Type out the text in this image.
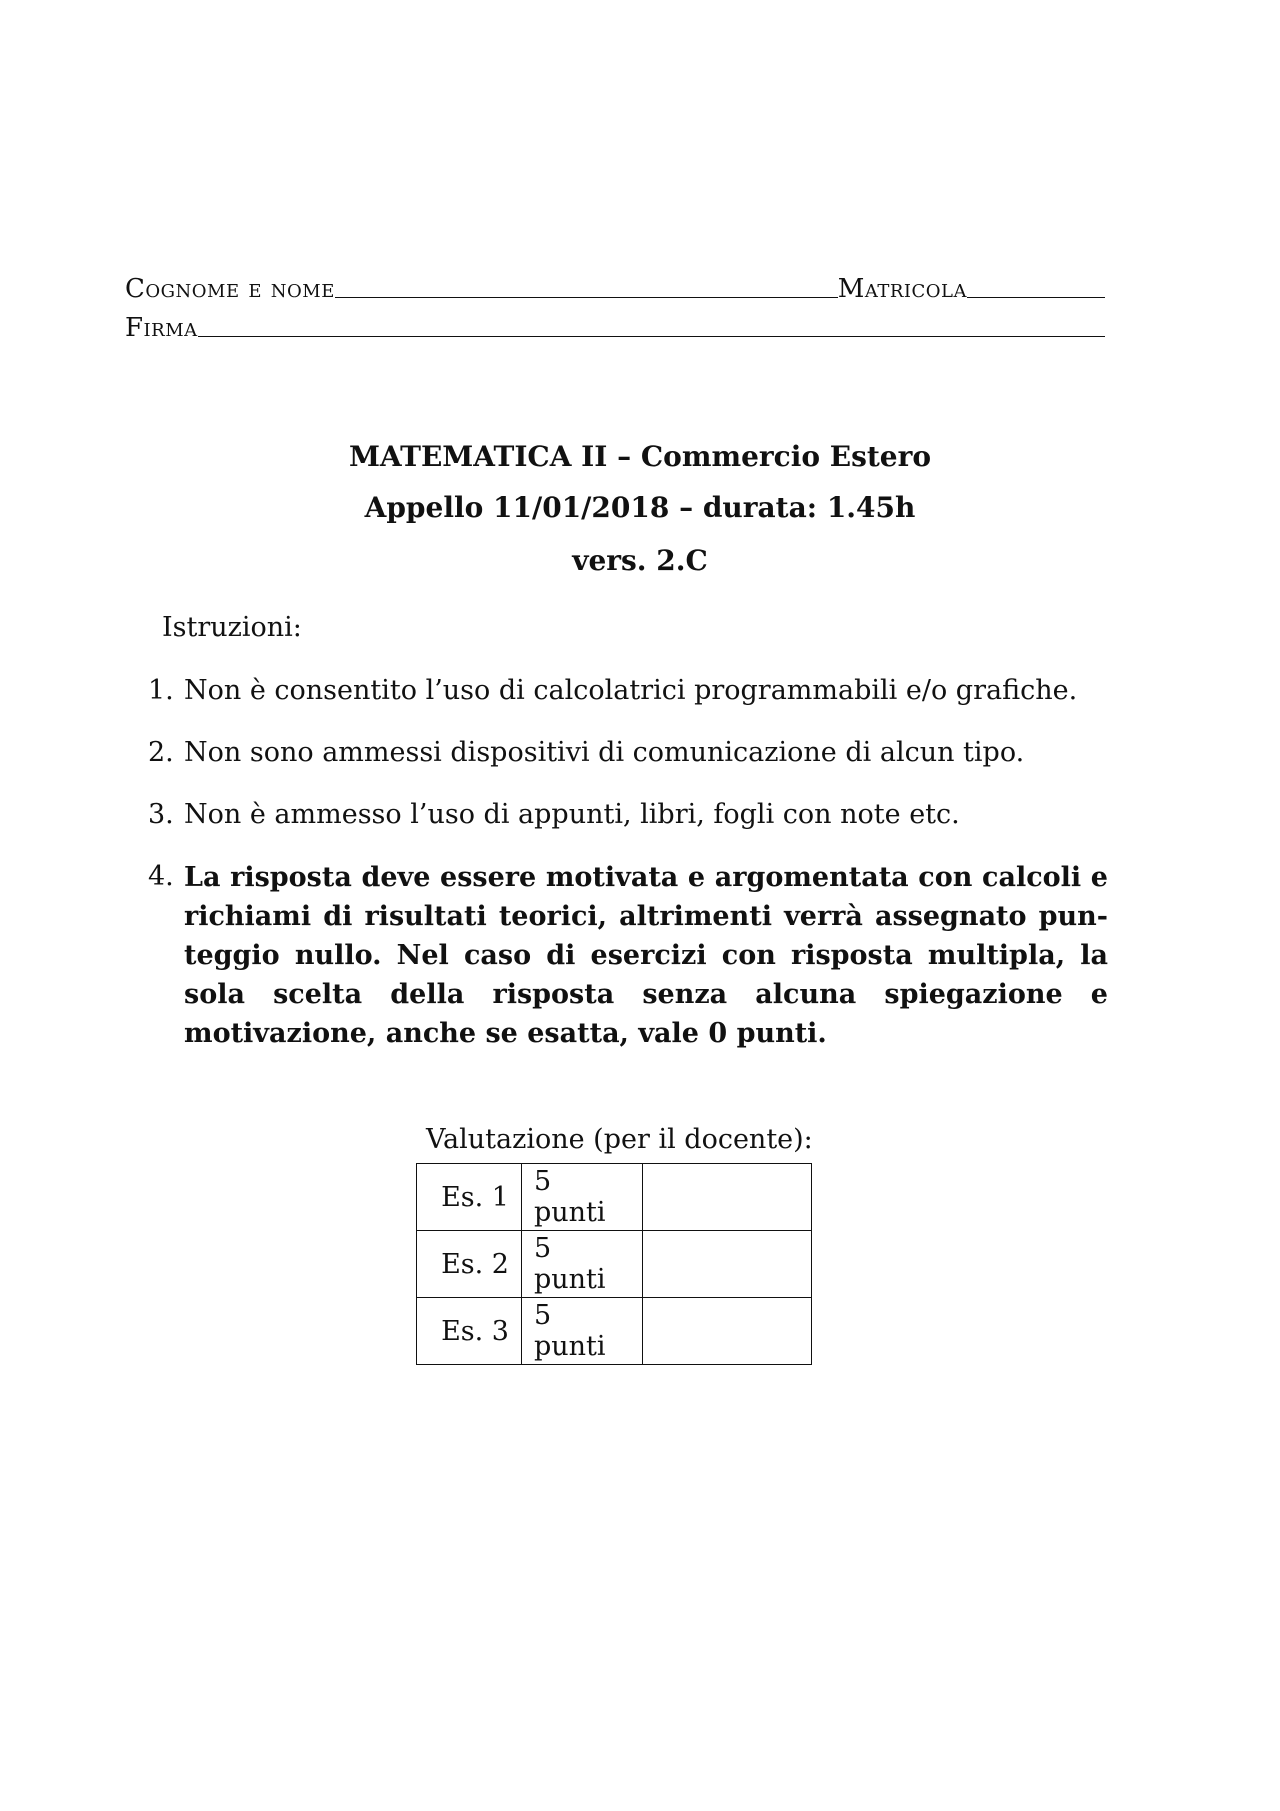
Cognome e nome	Matricola
Firma
MATEMATICA II – Commercio Estero
Appello 11/01/2018 – durata: 1.45h
vers. 2.C
Istruzioni:
1. Non è consentito l’uso di calcolatrici programmabili e/o grafiche.
2. Non sono ammessi dispositivi di comunicazione di alcun tipo.
3. Non è ammesso l’uso di appunti, libri, fogli con note etc.
4. La risposta deve essere motivata e argomentata con calcoli e richiami di risultati teorici, altrimenti verrà assegnato punteggio nullo. Nel caso di esercizi con risposta multipla, la sola scelta della risposta senza alcuna spiegazione e motivazione, anche se esatta, vale 0 punti.
Valutazione (per il docente):
Es. 1	5 punti	
Es. 2	5 punti	
Es. 3	5 punti	
